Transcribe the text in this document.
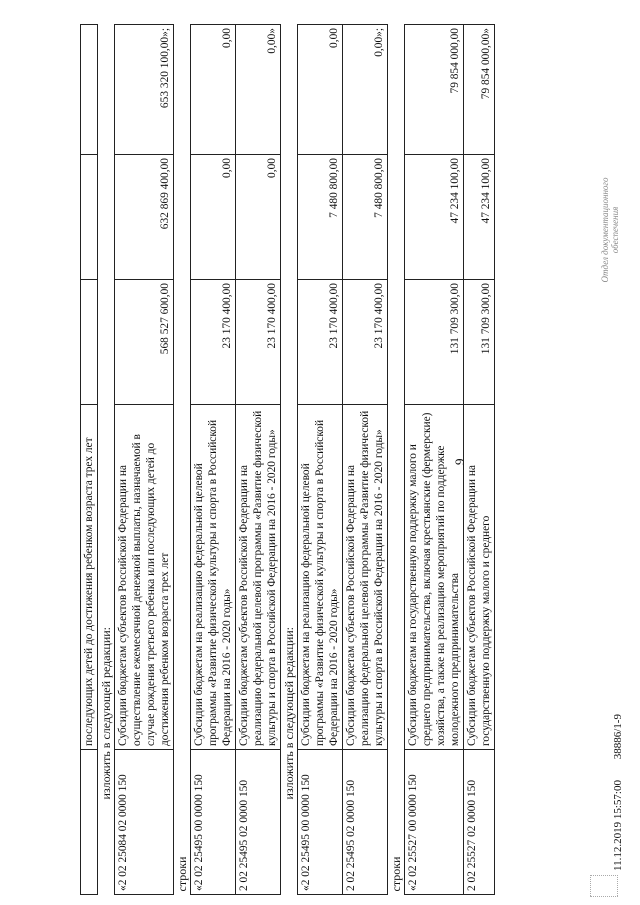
9
	последующих детей до достижения ребенком возраста трех лет			
изложить в следующей редакции:				
«2 02 25084 02 0000 150	Субсидии бюджетам субъектов Российской Федерации на осуществление ежемесячной денежной выплаты, назначаемой в случае рождения третьего ребенка или последующих детей до достижения ребенком возраста трех лет	568 527 600,00	632 869 400,00	653 320 100,00»;
строки				
«2 02 25495 00 0000 150	Субсидии бюджетам на реализацию федеральной целевой программы «Развитие физической культуры и спорта в Российской Федерации на 2016 - 2020 годы»	23 170 400,00	0,00	0,00
2 02 25495 02 0000 150	Субсидии бюджетам субъектов Российской Федерации на реализацию федеральной целевой программы «Развитие физической культуры и спорта в Российской Федерации на 2016 - 2020 годы»	23 170 400,00	0,00	0,00»
изложить в следующей редакции:				
«2 02 25495 00 0000 150	Субсидии бюджетам на реализацию федеральной целевой программы «Развитие физической культуры и спорта в Российской Федерации на 2016 - 2020 годы»	23 170 400,00	7 480 800,00	0,00
2 02 25495 02 0000 150	Субсидии бюджетам субъектов Российской Федерации на реализацию федеральной целевой программы «Развитие физической культуры и спорта в Российской Федерации на 2016 - 2020 годы»	23 170 400,00	7 480 800,00	0,00»;
строки				
«2 02 25527 00 0000 150	Субсидии бюджетам на государственную поддержку малого и среднего предпринимательства, включая крестьянские (фермерские) хозяйства, а также на реализацию мероприятий по поддержке молодежного предпринимательства	131 709 300,00	47 234 100,00	79 854 000,00
2 02 25527 02 0000 150	Субсидии бюджетам субъектов Российской Федерации на государственную поддержку малого и среднего	131 709 300,00	47 234 100,00	79 854 000,00»
11.12.2019 15:57:00 38886/1-9
Отдел документационного обеспечения
